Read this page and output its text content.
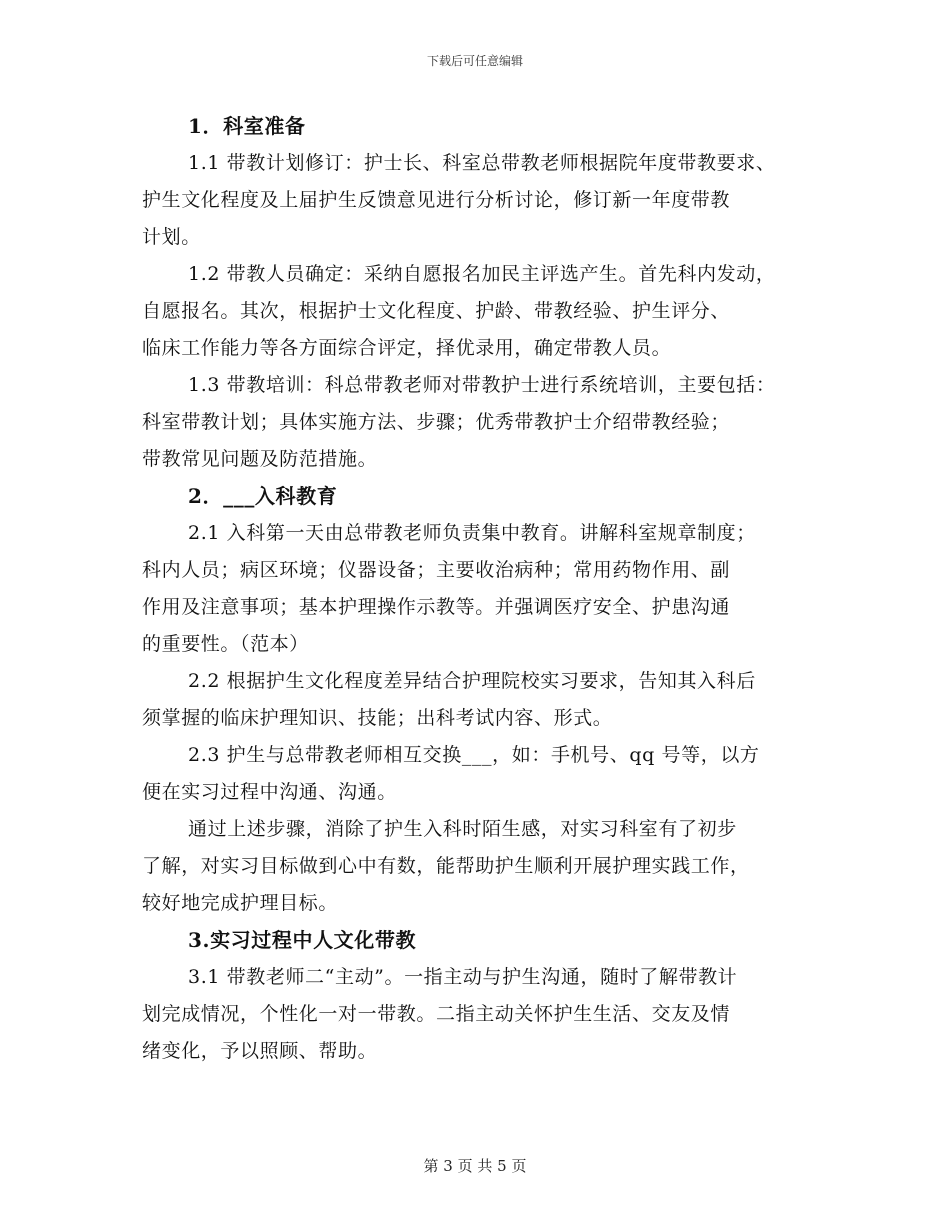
下载后可任意编辑
1．科室准备
1.1 带教计划修订：护士长、科室总带教老师根据院年度带教要求、
护生文化程度及上届护生反馈意见进行分析讨论，修订新一年度带教
计划。
1.2 带教人员确定：采纳自愿报名加民主评选产生。首先科内发动，
自愿报名。其次，根据护士文化程度、护龄、带教经验、护生评分、
临床工作能力等各方面综合评定，择优录用，确定带教人员。
1.3 带教培训：科总带教老师对带教护士进行系统培训，主要包括：
科室带教计划；具体实施方法、步骤；优秀带教护士介绍带教经验；
带教常见问题及防范措施。
2．___入科教育
2.1 入科第一天由总带教老师负责集中教育。讲解科室规章制度；
科内人员；病区环境；仪器设备；主要收治病种；常用药物作用、副
作用及注意事项；基本护理操作示教等。并强调医疗安全、护患沟通
的重要性。（范本）
2.2 根据护生文化程度差异结合护理院校实习要求，告知其入科后
须掌握的临床护理知识、技能；出科考试内容、形式。
2.3 护生与总带教老师相互交换___，如：手机号、qq 号等，以方
便在实习过程中沟通、沟通。
通过上述步骤，消除了护生入科时陌生感，对实习科室有了初步
了解，对实习目标做到心中有数，能帮助护生顺利开展护理实践工作，
较好地完成护理目标。
3.实习过程中人文化带教
3.1 带教老师二“主动”。一指主动与护生沟通，随时了解带教计
划完成情况，个性化一对一带教。二指主动关怀护生生活、交友及情
绪变化，予以照顾、帮助。
第 3 页 共 5 页
